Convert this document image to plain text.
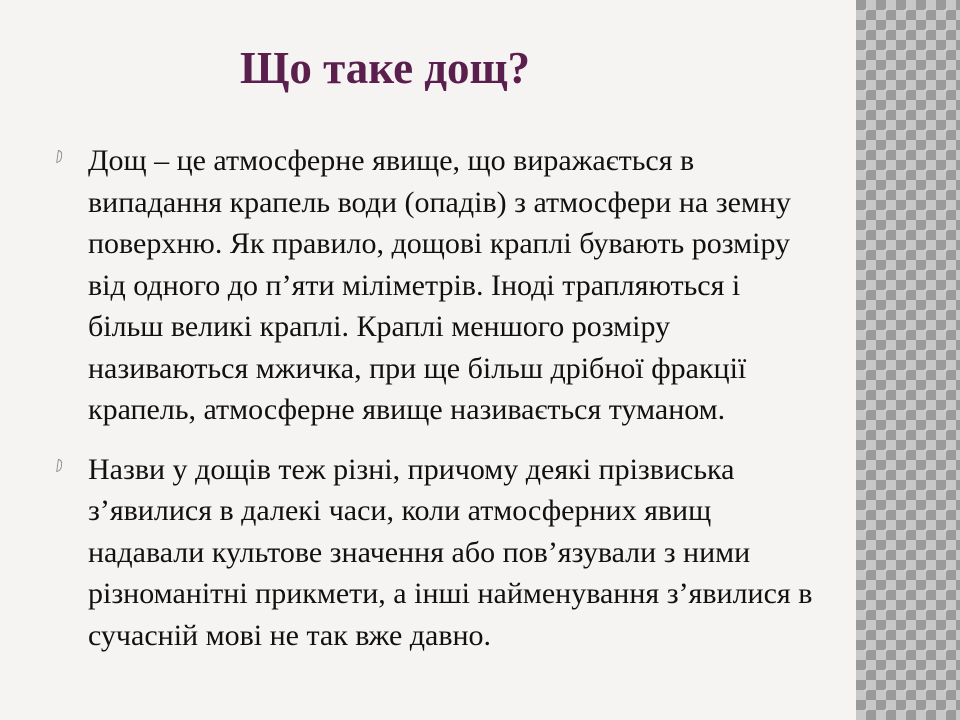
Що таке дощ?
Дощ – це атмосферне явище, що виражається в випадання крапель води (опадів) з атмосфери на земну поверхню. Як правило, дощові краплі бувають розміру від одного до п’яти міліметрів. Іноді трапляються і більш великі краплі. Краплі меншого розміру називаються мжичка, при ще більш дрібної фракції крапель, атмосферне явище називається туманом.
Назви у дощів теж різні, причому деякі прізвиська з’явилися в далекі часи, коли атмосферних явищ надавали культове значення або пов’язували з ними різноманітні прикмети, а інші найменування з’явилися в сучасній мові не так вже давно.
